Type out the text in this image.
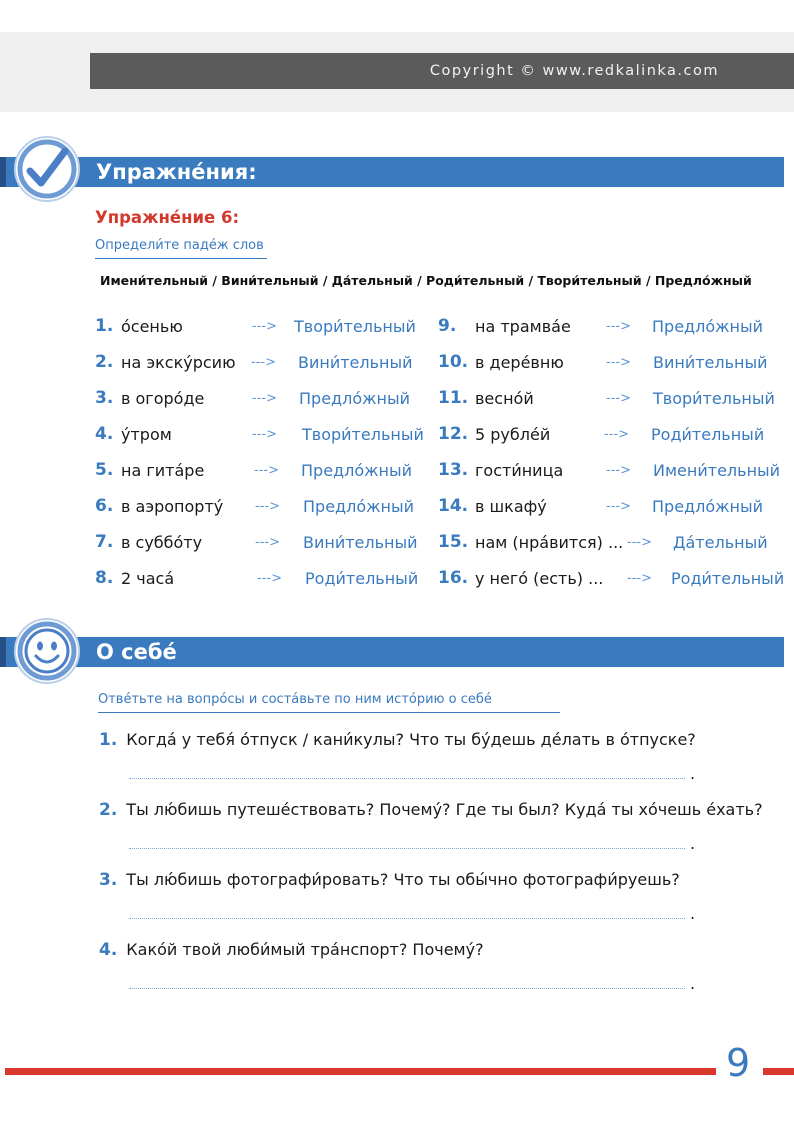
Copyright © www.redkalinka.com
Упражне́ния:
Упражне́ние 6:
Определи́те паде́ж слов
Имени́тельный / Вини́тельный / Да́тельный / Роди́тельный / Твори́тельный / Предло́жный
1. о́сенью	---> Твори́тельный
2. на экску́рсию ---> Вини́тельный
3. в огоро́де	---> Предло́жный
4. у́тром	---> Твори́тельный
5. на гита́ре	---> Предло́жный
6. в аэропорту́ ---> Предло́жный
7. в суббо́ту	---> Вини́тельный
8. 2 часа́	---> Роди́тельный
9. на трамва́е	---> Предло́жный
10. в дере́вню	---> Вини́тельный
11. весно́й	---> Твори́тельный
12. 5 рубле́й	---> Роди́тельный
13. гости́ница	---> Имени́тельный
14. в шкафу́	---> Предло́жный
15. нам (нра́вится) ... ---> Да́тельный
16. у него́ (есть) ... ---> Роди́тельный
О себе́
Отве́тьте на вопро́сы и соста́вьте по ним исто́рию о себе́
1. Когда́ у тебя́ о́тпуск / кани́кулы? Что ты бу́дешь де́лать в о́тпуске?
.
2. Ты лю́бишь путеше́ствовать? Почему́? Где ты был? Куда́ ты хо́чешь е́хать?
.
3. Ты лю́бишь фотографи́ровать? Что ты обы́чно фотографи́руешь?
.
4. Како́й твой люби́мый тра́нспорт? Почему́?
.
9
